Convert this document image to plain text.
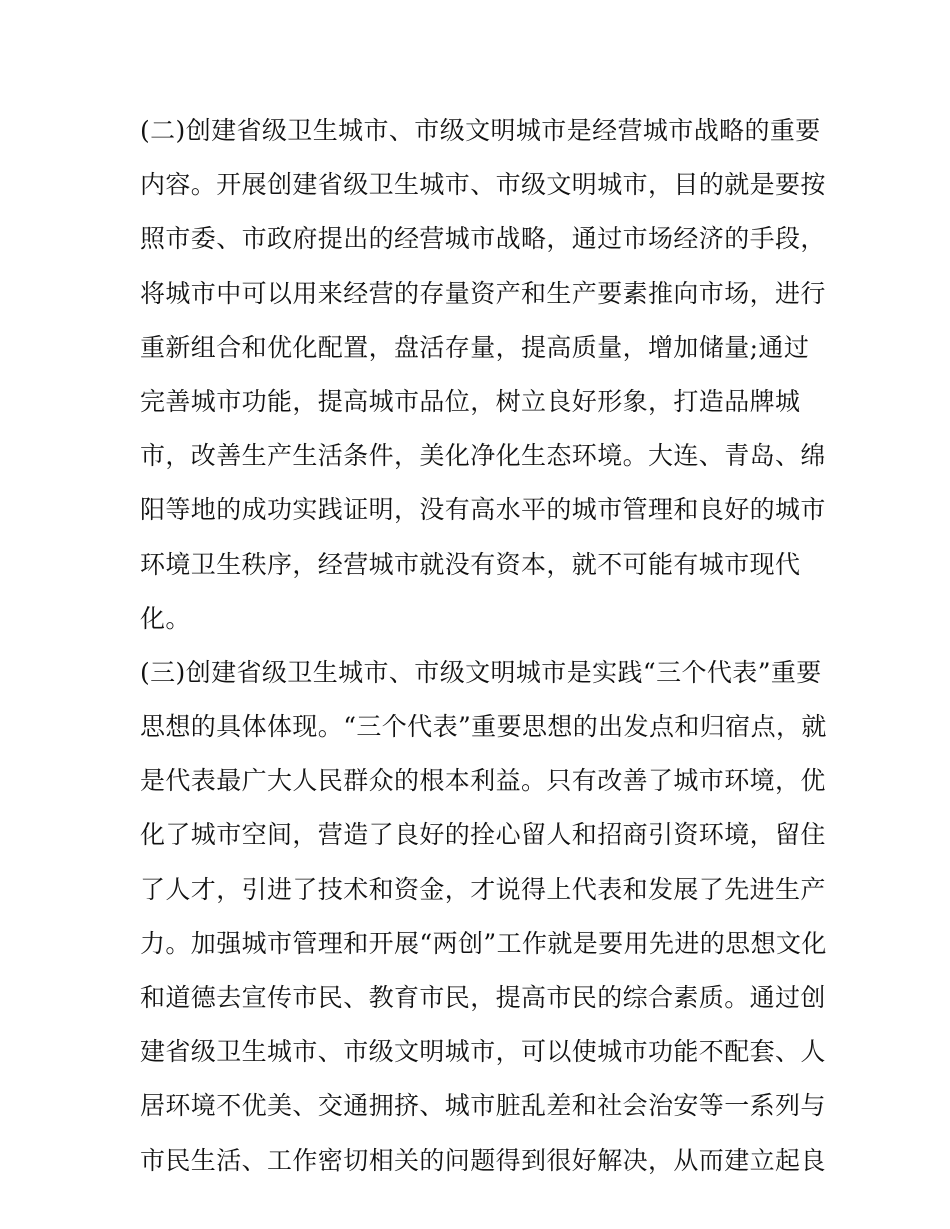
(二)创建省级卫生城市、市级文明城市是经营城市战略的重要
内容。开展创建省级卫生城市、市级文明城市，目的就是要按
照市委、市政府提出的经营城市战略，通过市场经济的手段，
将城市中可以用来经营的存量资产和生产要素推向市场，进行
重新组合和优化配置，盘活存量，提高质量，增加储量;通过
完善城市功能，提高城市品位，树立良好形象，打造品牌城
市，改善生产生活条件，美化净化生态环境。大连、青岛、绵
阳等地的成功实践证明，没有高水平的城市管理和良好的城市
环境卫生秩序，经营城市就没有资本，就不可能有城市现代
化。
(三)创建省级卫生城市、市级文明城市是实践“三个代表”重要
思想的具体体现。“三个代表”重要思想的出发点和归宿点，就
是代表最广大人民群众的根本利益。只有改善了城市环境，优
化了城市空间，营造了良好的拴心留人和招商引资环境，留住
了人才，引进了技术和资金，才说得上代表和发展了先进生产
力。加强城市管理和开展“两创”工作就是要用先进的思想文化
和道德去宣传市民、教育市民，提高市民的综合素质。通过创
建省级卫生城市、市级文明城市，可以使城市功能不配套、人
居环境不优美、交通拥挤、城市脏乱差和社会治安等一系列与
市民生活、工作密切相关的问题得到很好解决，从而建立起良
